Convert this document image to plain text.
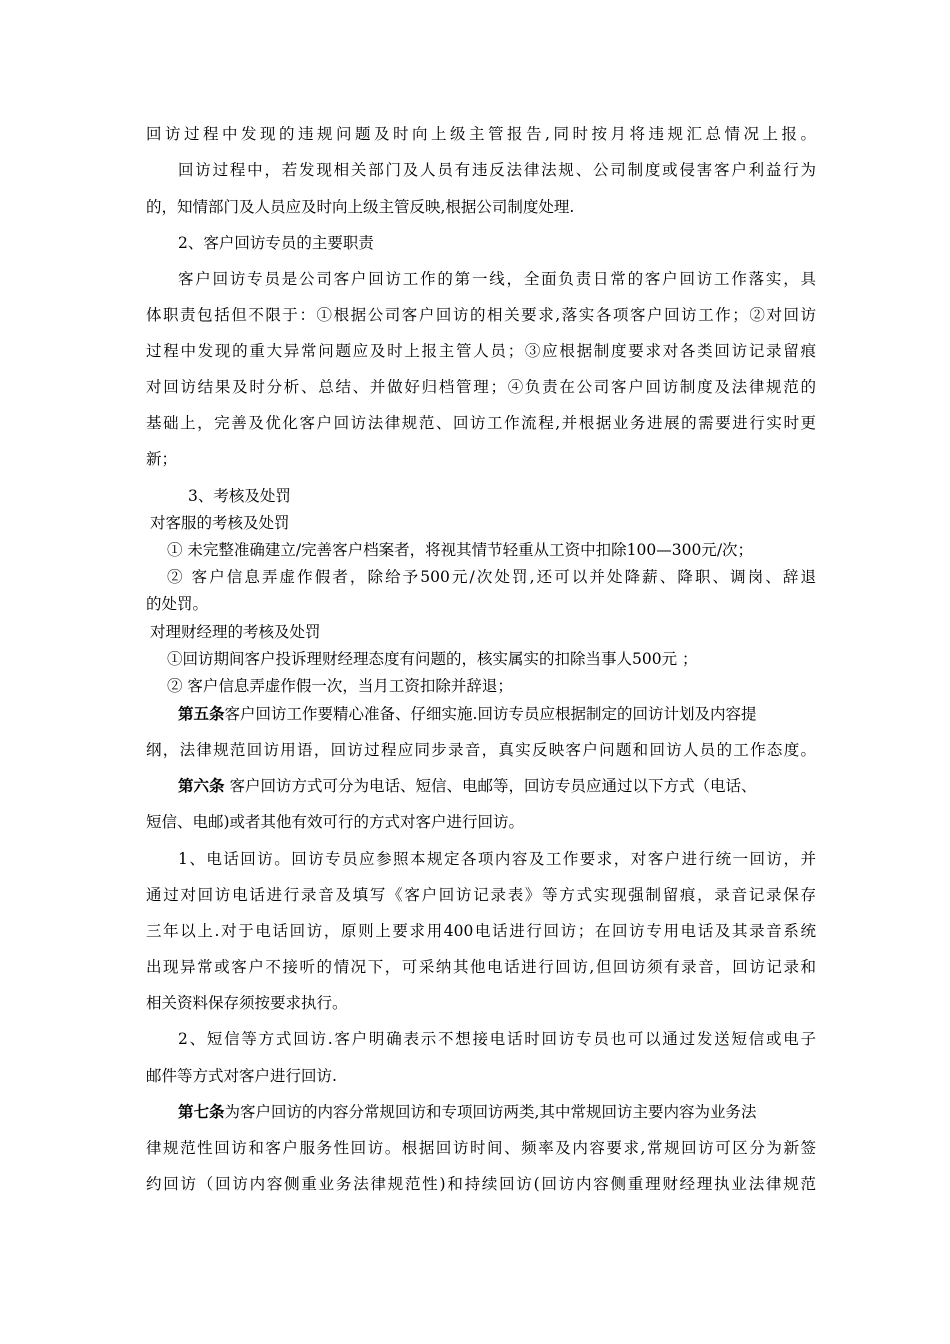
回访过程中发现的违规问题及时向上级主管报告,同时按月将违规汇总情况上报。
回访过程中，若发现相关部门及人员有违反法律法规、公司制度或侵害客户利益行为
的，知情部门及人员应及时向上级主管反映,根据公司制度处理.
2、客户回访专员的主要职责
客户回访专员是公司客户回访工作的第一线，全面负责日常的客户回访工作落实，具
体职责包括但不限于：①根据公司客户回访的相关要求,落实各项客户回访工作；②对回访
过程中发现的重大异常问题应及时上报主管人员；③应根据制度要求对各类回访记录留痕
对回访结果及时分析、总结、并做好归档管理；④负责在公司客户回访制度及法律规范的
基础上，完善及优化客户回访法律规范、回访工作流程,并根据业务进展的需要进行实时更
新；
3、考核及处罚
对客服的考核及处罚
① 未完整准确建立/完善客户档案者，将视其情节轻重从工资中扣除100—300元/次；
② 客户信息弄虚作假者，除给予500元/次处罚,还可以并处降薪、降职、调岗、辞退
的处罚。
对理财经理的考核及处罚
①回访期间客户投诉理财经理态度有问题的，核实属实的扣除当事人500元 ；
② 客户信息弄虚作假一次，当月工资扣除并辞退；
第五条客户回访工作要精心准备、仔细实施.回访专员应根据制定的回访计划及内容提
纲，法律规范回访用语，回访过程应同步录音，真实反映客户问题和回访人员的工作态度。
第六条 客户回访方式可分为电话、短信、电邮等，回访专员应通过以下方式（电话、
短信、电邮)或者其他有效可行的方式对客户进行回访。
1、电话回访。回访专员应参照本规定各项内容及工作要求，对客户进行统一回访，并
通过对回访电话进行录音及填写《客户回访记录表》等方式实现强制留痕，录音记录保存
三年以上.对于电话回访，原则上要求用400电话进行回访；在回访专用电话及其录音系统
出现异常或客户不接听的情况下，可采纳其他电话进行回访,但回访须有录音，回访记录和
相关资料保存须按要求执行。
2、短信等方式回访.客户明确表示不想接电话时回访专员也可以通过发送短信或电子
邮件等方式对客户进行回访.
第七条为客户回访的内容分常规回访和专项回访两类,其中常规回访主要内容为业务法
律规范性回访和客户服务性回访。根据回访时间、频率及内容要求,常规回访可区分为新签
约回访（回访内容侧重业务法律规范性)和持续回访(回访内容侧重理财经理执业法律规范
